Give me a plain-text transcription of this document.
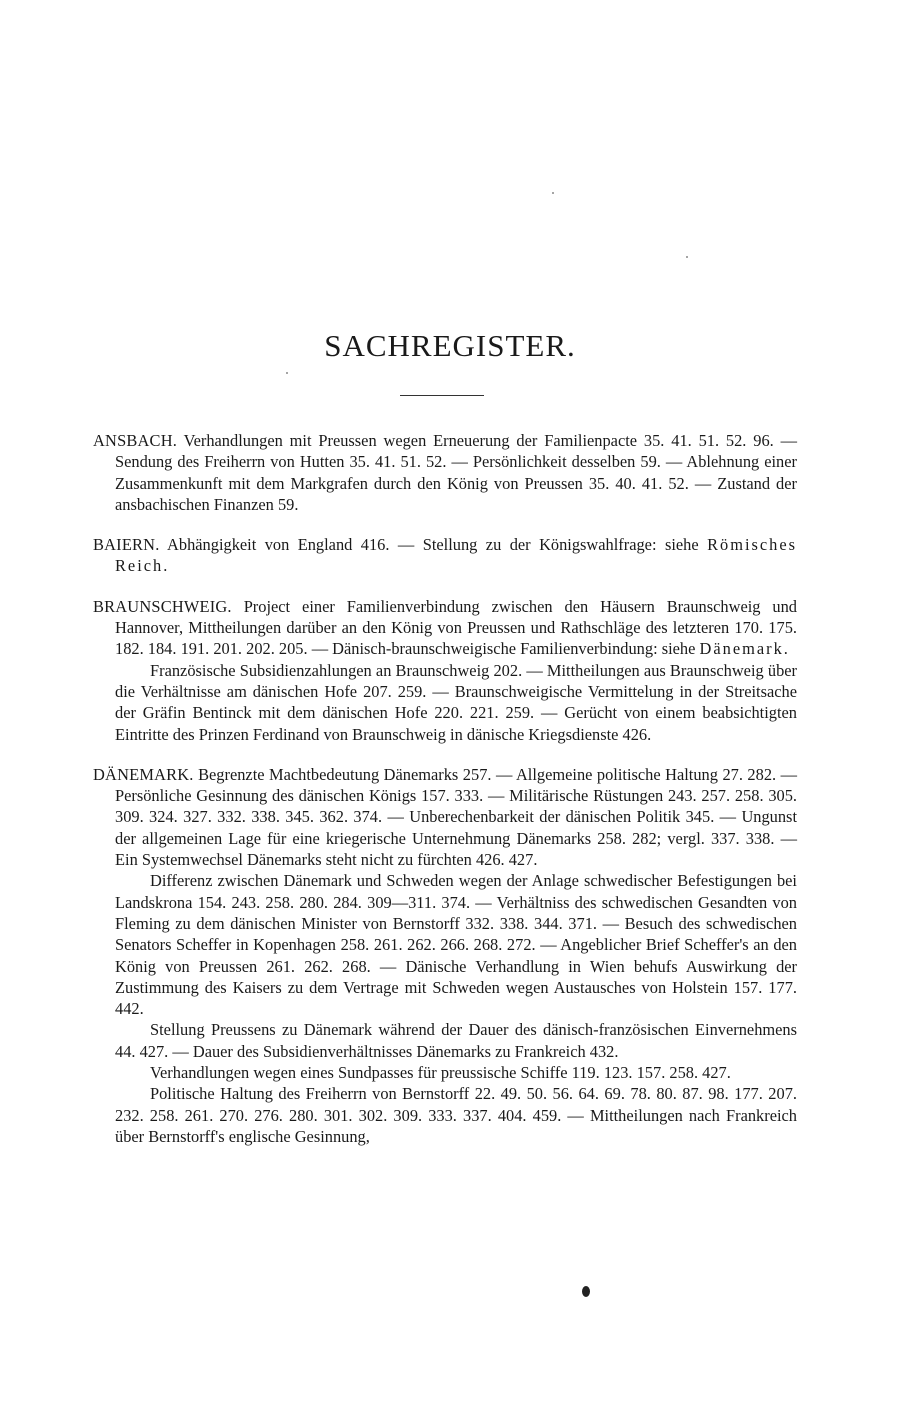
SACHREGISTER.

ANSBACH. Verhandlungen mit Preussen wegen Erneuerung der Familienpacte 35. 41. 51. 52. 96. — Sendung des Freiherrn von Hutten 35. 41. 51. 52. — Persönlichkeit desselben 59. — Ablehnung einer Zusammenkunft mit dem Markgrafen durch den König von Preussen 35. 40. 41. 52. — Zustand der ansbachischen Finanzen 59.

BAIERN. Abhängigkeit von England 416. — Stellung zu der Königswahlfrage: siehe Römisches Reich.

BRAUNSCHWEIG. Project einer Familienverbindung zwischen den Häusern Braunschweig und Hannover, Mittheilungen darüber an den König von Preussen und Rathschläge des letzteren 170. 175. 182. 184. 191. 201. 202. 205. — Dänisch-braunschweigische Familienverbindung: siehe Dänemark.

Französische Subsidienzahlungen an Braunschweig 202. — Mittheilungen aus Braunschweig über die Verhältnisse am dänischen Hofe 207. 259. — Braunschweigische Vermittelung in der Streitsache der Gräfin Bentinck mit dem dänischen Hofe 220. 221. 259. — Gerücht von einem beabsichtigten Eintritte des Prinzen Ferdinand von Braunschweig in dänische Kriegsdienste 426.

DÄNEMARK. Begrenzte Machtbedeutung Dänemarks 257. — Allgemeine politische Haltung 27. 282. — Persönliche Gesinnung des dänischen Königs 157. 333. — Militärische Rüstungen 243. 257. 258. 305. 309. 324. 327. 332. 338. 345. 362. 374. — Unberechenbarkeit der dänischen Politik 345. — Ungunst der allgemeinen Lage für eine kriegerische Unternehmung Dänemarks 258. 282; vergl. 337. 338. — Ein Systemwechsel Dänemarks steht nicht zu fürchten 426. 427.

Differenz zwischen Dänemark und Schweden wegen der Anlage schwedischer Befestigungen bei Landskrona 154. 243. 258. 280. 284. 309—311. 374. — Verhältniss des schwedischen Gesandten von Fleming zu dem dänischen Minister von Bernstorff 332. 338. 344. 371. — Besuch des schwedischen Senators Scheffer in Kopenhagen 258. 261. 262. 266. 268. 272. — Angeblicher Brief Scheffer's an den König von Preussen 261. 262. 268. — Dänische Verhandlung in Wien behufs Auswirkung der Zustimmung des Kaisers zu dem Vertrage mit Schweden wegen Austausches von Holstein 157. 177. 442.

Stellung Preussens zu Dänemark während der Dauer des dänisch-französischen Einvernehmens 44. 427. — Dauer des Subsidienverhältnisses Dänemarks zu Frankreich 432.

Verhandlungen wegen eines Sundpasses für preussische Schiffe 119. 123. 157. 258. 427.

Politische Haltung des Freiherrn von Bernstorff 22. 49. 50. 56. 64. 69. 78. 80. 87. 98. 177. 207. 232. 258. 261. 270. 276. 280. 301. 302. 309. 333. 337. 404. 459. — Mittheilungen nach Frankreich über Bernstorff's englische Gesinnung,
